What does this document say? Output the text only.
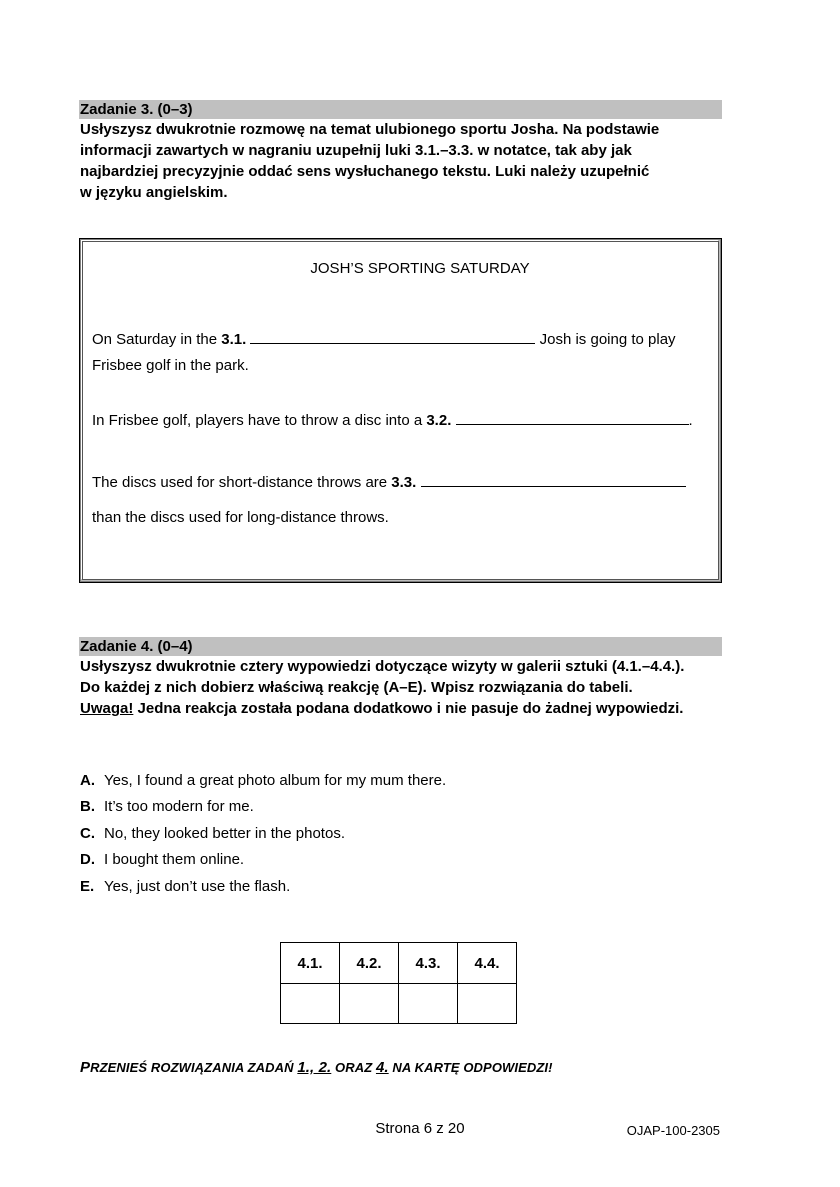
Zadanie 3. (0–3)

Usłyszysz dwukrotnie rozmowę na temat ulubionego sportu Josha. Na podstawie

informacji zawartych w nagraniu uzupełnij luki 3.1.–3.3. w notatce, tak aby jak

najbardziej precyzyjnie oddać sens wysłuchanego tekstu. Luki należy uzupełnić

w języku angielskim.

JOSH’S SPORTING SATURDAY
On Saturday in the 3.1.	Josh is going to play
Frisbee golf in the park.
In Frisbee golf, players have to throw a disc into a 3.2.	.
The discs used for short-distance throws are 3.3.
than the discs used for long-distance throws.
Zadanie 4. (0–4)

Usłyszysz dwukrotnie cztery wypowiedzi dotyczące wizyty w galerii sztuki (4.1.–4.4.).

Do każdej z nich dobierz właściwą reakcję (A–E). Wpisz rozwiązania do tabeli.

Uwaga! Jedna reakcja została podana dodatkowo i nie pasuje do żadnej wypowiedzi.

A. Yes, I found a great photo album for my mum there.
B. It’s too modern for me.
C. No, they looked better in the photos.
D. I bought them online.
E. Yes, just don’t use the flash.
4.1.	4.2.	4.3.	4.4.

PRZENIEŚ ROZWIĄZANIA ZADAŃ 1., 2. ORAZ 4. NA KARTĘ ODPOWIEDZI!
Strona 6 z 20	OJAP-100-2305
